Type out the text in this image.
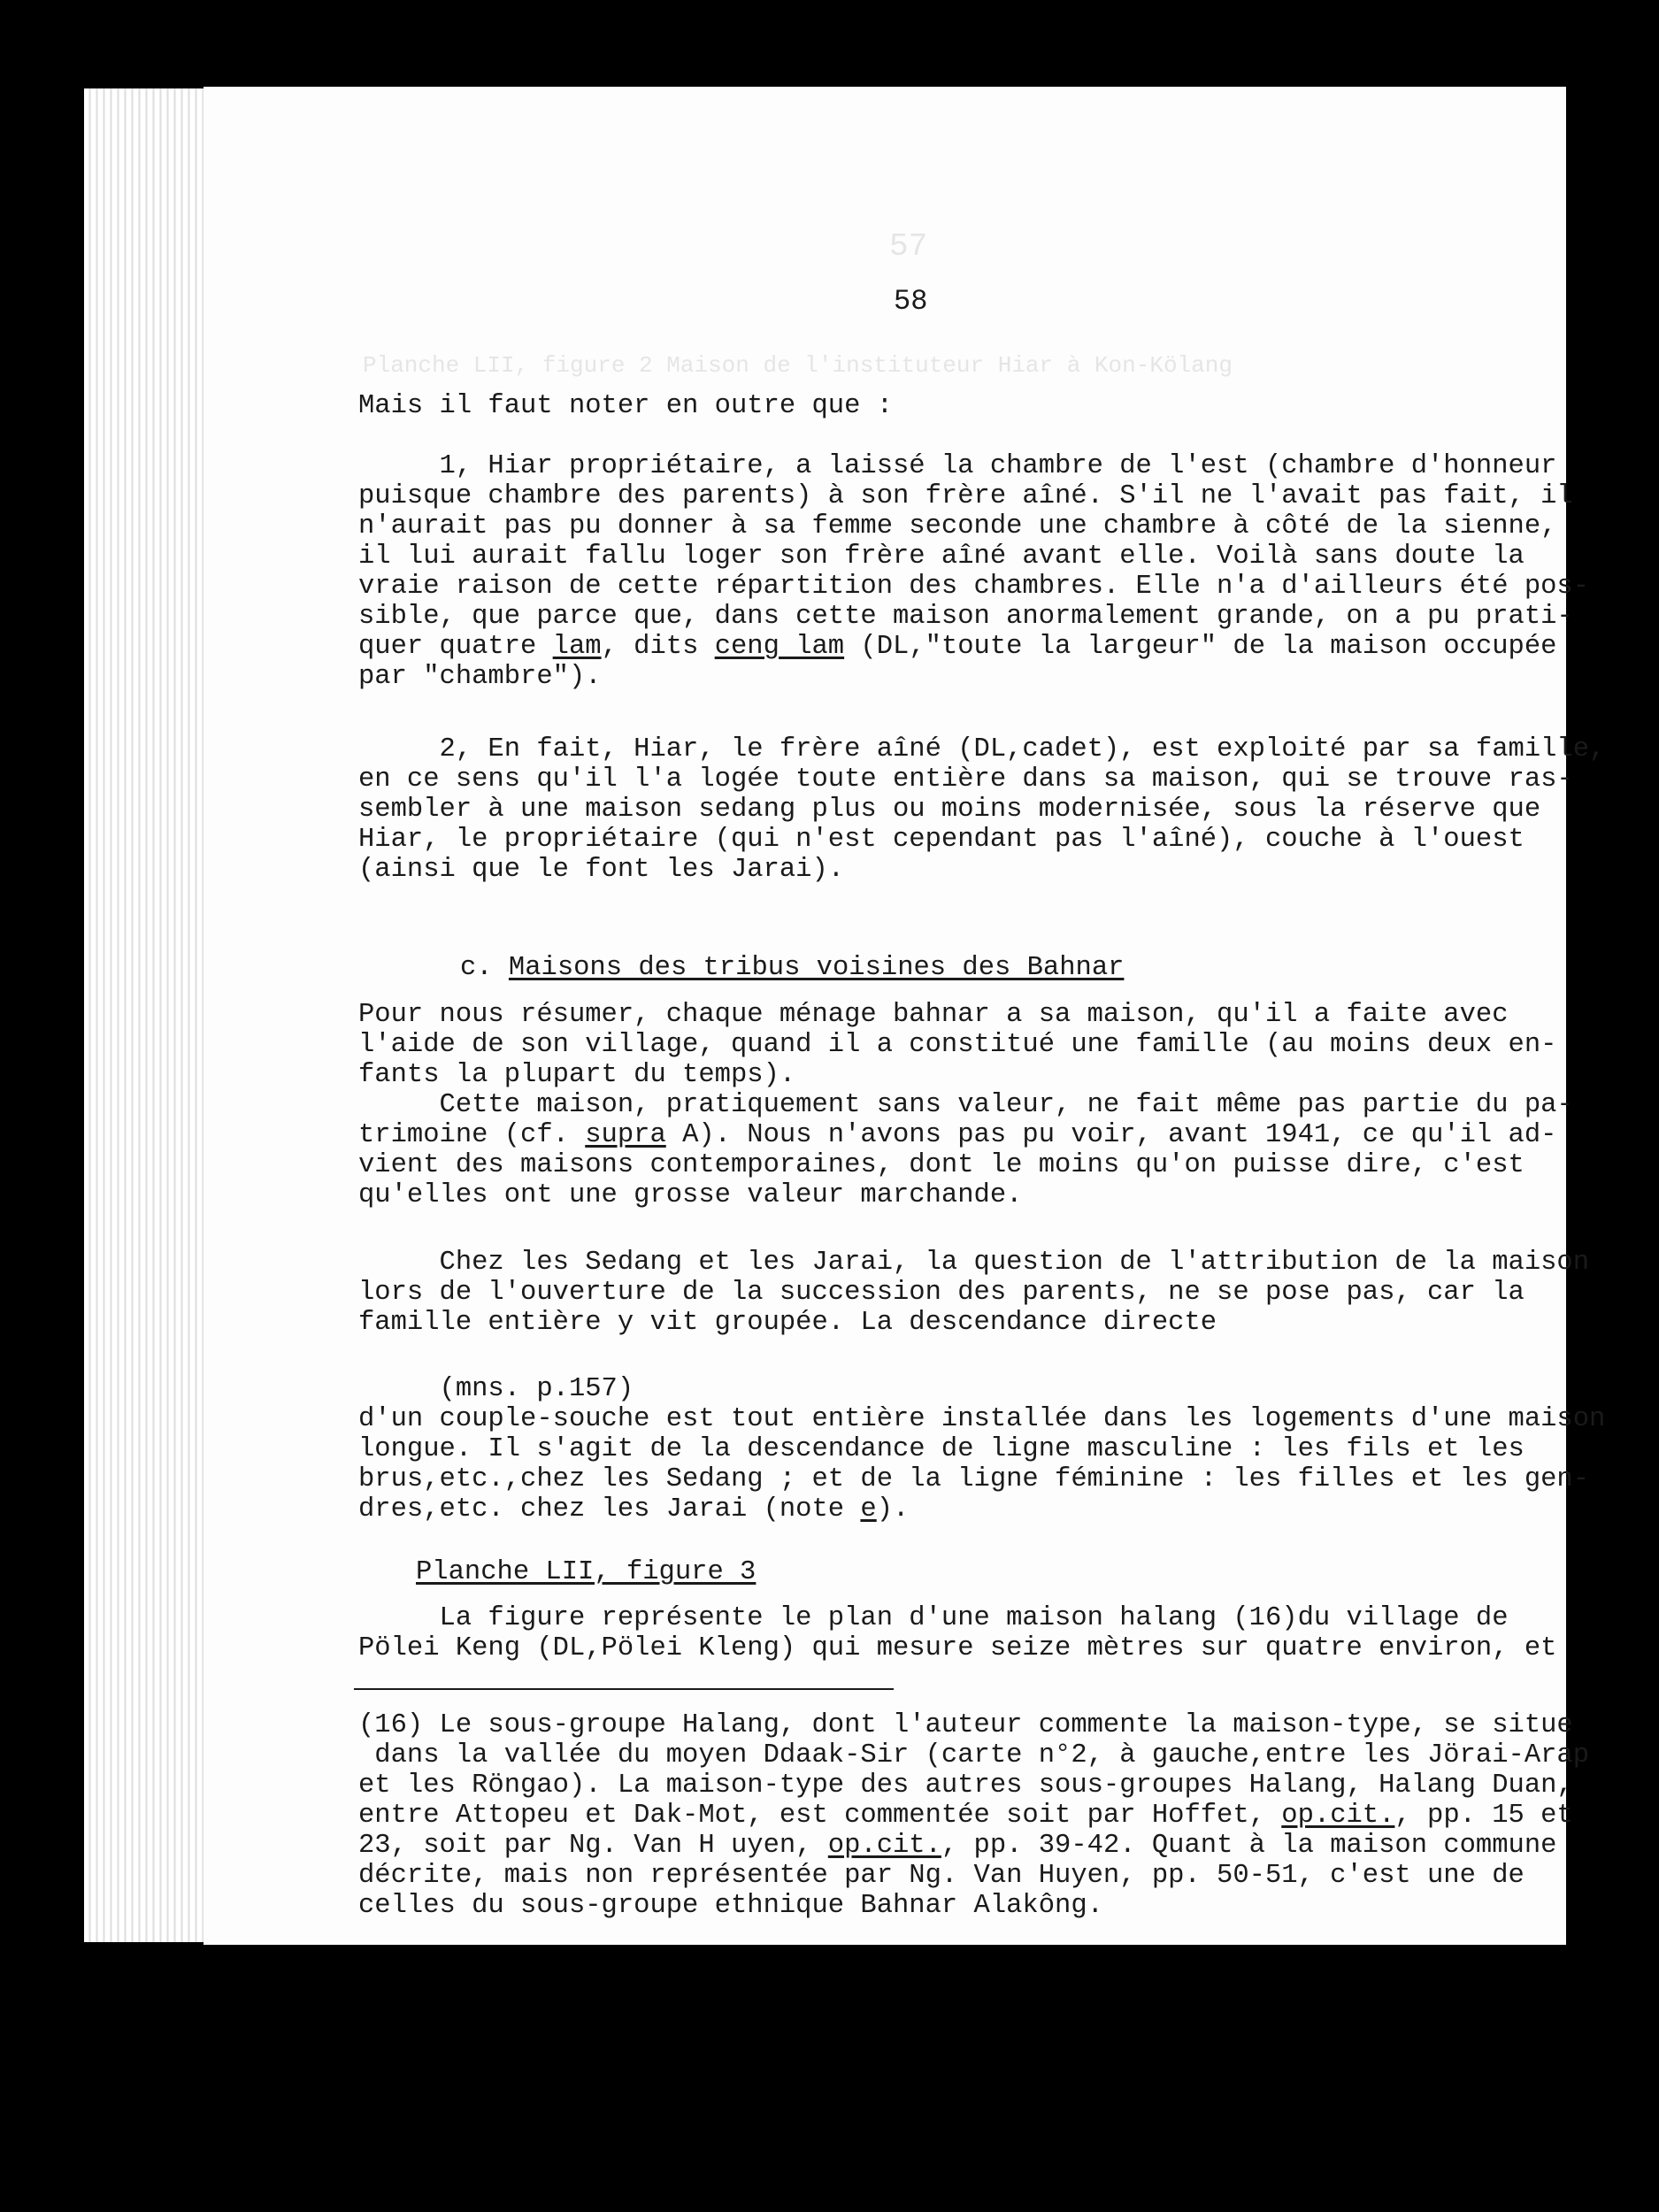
57
Planche LII, figure 2 Maison de l'instituteur Hiar à Kon-Kölang
58

Mais il faut noter en outre que :

1, Hiar propriétaire, a laissé la chambre de l'est (chambre d'honneur

puisque chambre des parents) à son frère aîné. S'il ne l'avait pas fait, il

n'aurait pas pu donner à sa femme seconde une chambre à côté de la sienne,

il lui aurait fallu loger son frère aîné avant elle. Voilà sans doute la

vraie raison de cette répartition des chambres. Elle n'a d'ailleurs été pos-

sible, que parce que, dans cette maison anormalement grande, on a pu prati-

quer quatre lam, dits ceng lam (DL,"toute la largeur" de la maison occupée

par "chambre").

2, En fait, Hiar, le frère aîné (DL,cadet), est exploité par sa famille,

en ce sens qu'il l'a logée toute entière dans sa maison, qui se trouve ras-

sembler à une maison sedang plus ou moins modernisée, sous la réserve que

Hiar, le propriétaire (qui n'est cependant pas l'aîné), couche à l'ouest

(ainsi que le font les Jarai).

c. Maisons des tribus voisines des Bahnar

Pour nous résumer, chaque ménage bahnar a sa maison, qu'il a faite avec

l'aide de son village, quand il a constitué une famille (au moins deux en-

fants la plupart du temps).

Cette maison, pratiquement sans valeur, ne fait même pas partie du pa-

trimoine (cf. supra A). Nous n'avons pas pu voir, avant 1941, ce qu'il ad-

vient des maisons contemporaines, dont le moins qu'on puisse dire, c'est

qu'elles ont une grosse valeur marchande.

Chez les Sedang et les Jarai, la question de l'attribution de la maison

lors de l'ouverture de la succession des parents, ne se pose pas, car la

famille entière y vit groupée. La descendance directe

(mns. p.157)

d'un couple-souche est tout entière installée dans les logements d'une maison

longue. Il s'agit de la descendance de ligne masculine : les fils et les

brus,etc.,chez les Sedang ; et de la ligne féminine : les filles et les gen-

dres,etc. chez les Jarai (note e).

Planche LII, figure 3

La figure représente le plan d'une maison halang (16)du village de

Pölei Keng (DL,Pölei Kleng) qui mesure seize mètres sur quatre environ, et

(16) Le sous-groupe Halang, dont l'auteur commente la maison-type, se situe

dans la vallée du moyen Ddaak-Sir (carte n°2, à gauche,entre les Jörai-Arap

et les Röngao). La maison-type des autres sous-groupes Halang, Halang Duan,

entre Attopeu et Dak-Mot, est commentée soit par Hoffet, op.cit., pp. 15 et

23, soit par Ng. Van H uyen, op.cit., pp. 39-42. Quant à la maison commune

décrite, mais non représentée par Ng. Van Huyen, pp. 50-51, c'est une de

celles du sous-groupe ethnique Bahnar Alakông.
